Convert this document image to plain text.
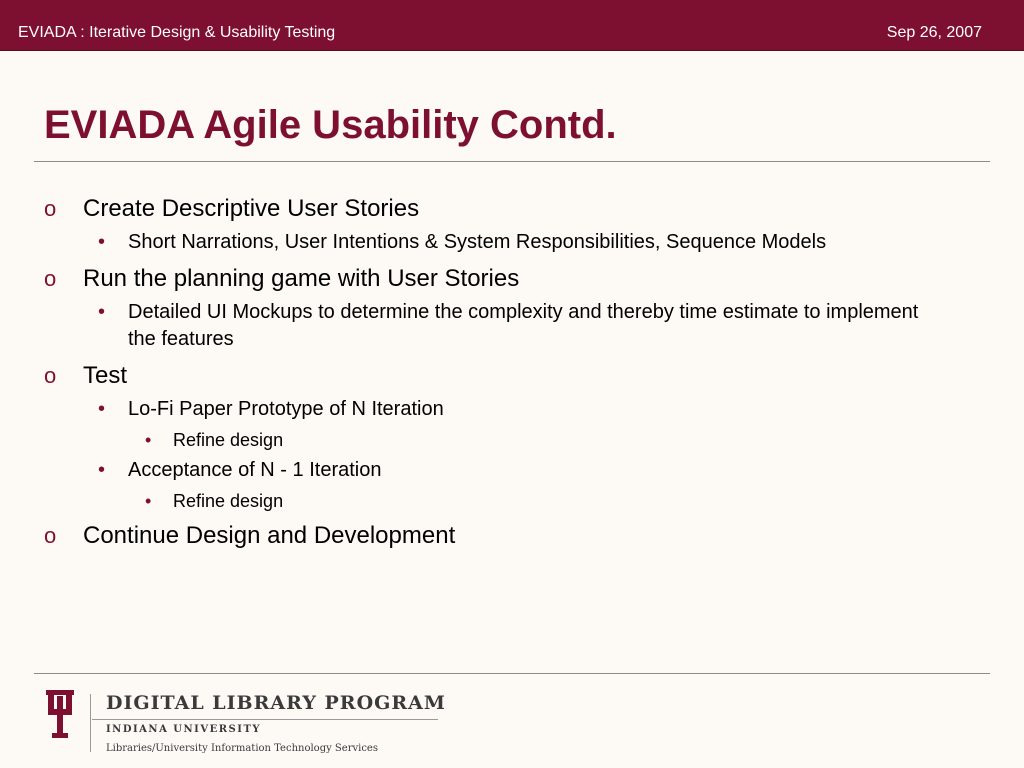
EVIADA : Iterative Design & Usability Testing	Sep 26, 2007
EVIADA Agile Usability Contd.
o Create Descriptive User Stories
• Short Narrations, User Intentions & System Responsibilities, Sequence Models
o Run the planning game with User Stories
• Detailed UI Mockups to determine the complexity and thereby time estimate to implement the features
o Test
• Lo-Fi Paper Prototype of N Iteration
• Refine design
• Acceptance of N - 1 Iteration
• Refine design
o Continue Design and Development
DIGITAL LIBRARY PROGRAM
INDIANA UNIVERSITY
Libraries/University Information Technology Services
